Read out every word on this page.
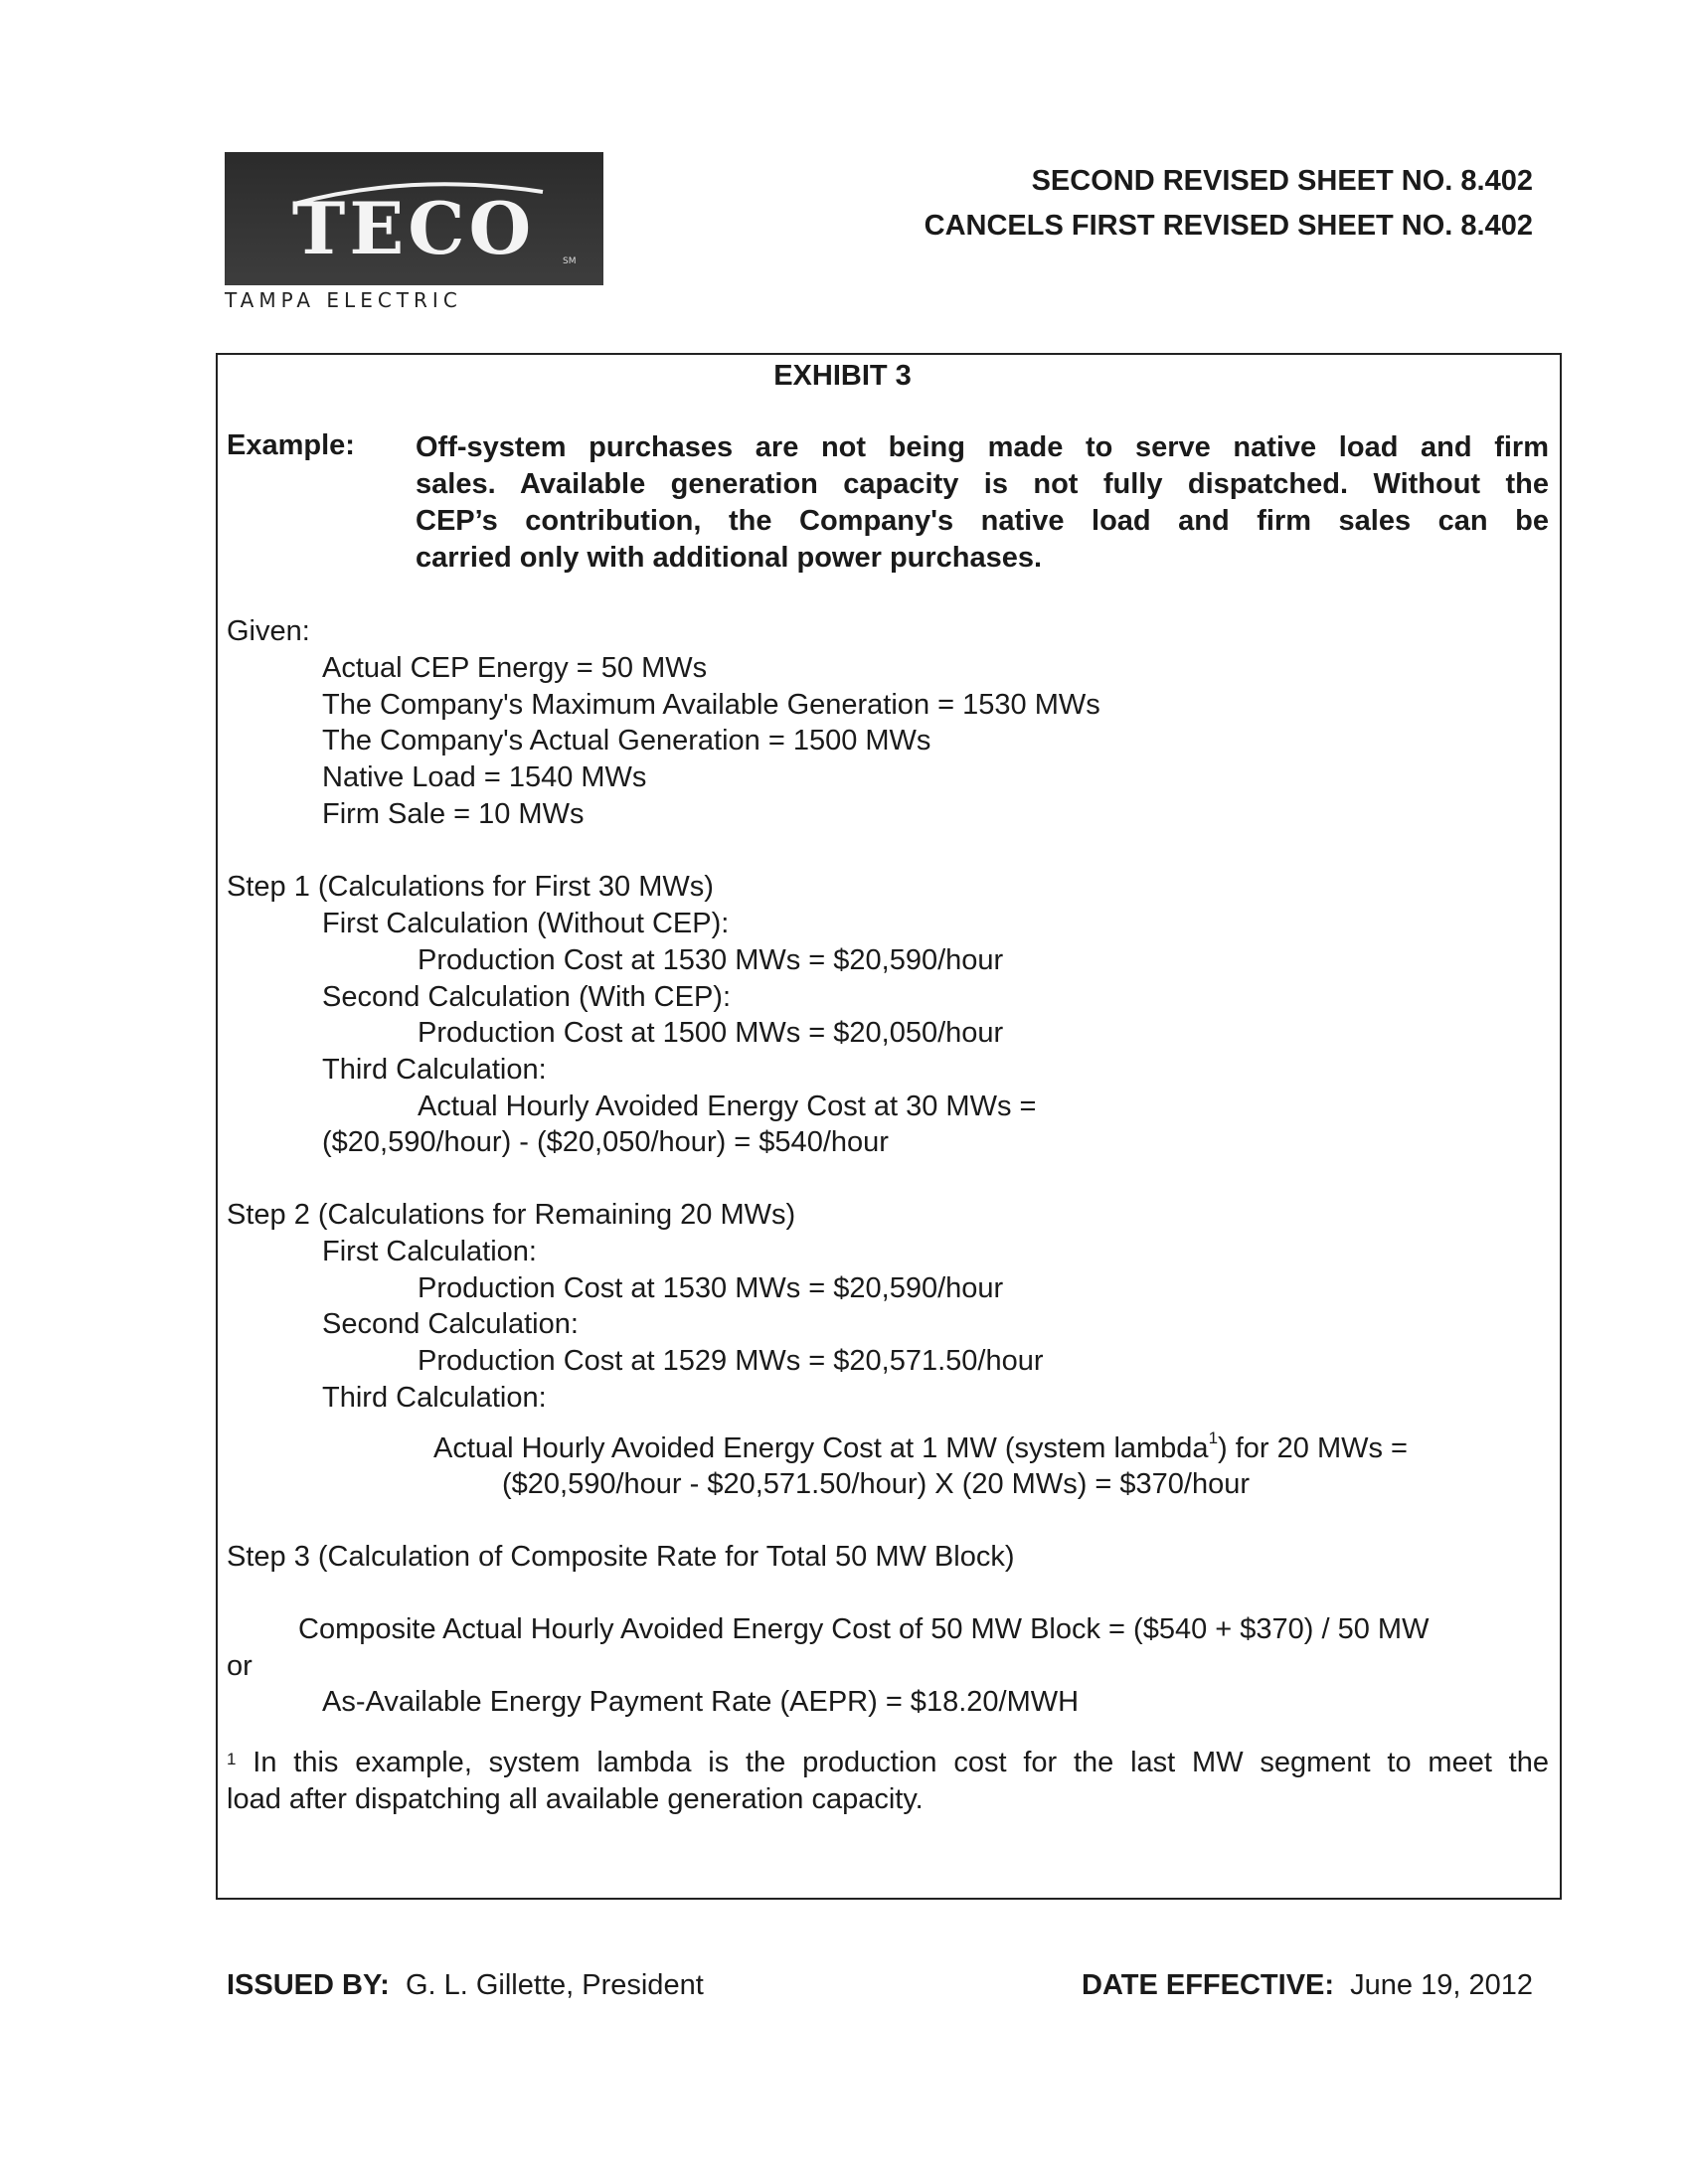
TECO	SM
TAMPA ELECTRIC
SECOND REVISED SHEET NO. 8.402
CANCELS FIRST REVISED SHEET NO. 8.402
EXHIBIT 3
Example: Off-system purchases are not being made to serve native load and firm
sales. Available generation capacity is not fully dispatched. Without the
CEP’s contribution, the Company's native load and firm sales can be
carried only with additional power purchases.
Given:
Actual CEP Energy = 50 MWs
The Company's Maximum Available Generation = 1530 MWs
The Company's Actual Generation = 1500 MWs
Native Load = 1540 MWs
Firm Sale = 10 MWs
Step 1 (Calculations for First 30 MWs)
First Calculation (Without CEP):
Production Cost at 1530 MWs = $20,590/hour
Second Calculation (With CEP):
Production Cost at 1500 MWs = $20,050/hour
Third Calculation:
Actual Hourly Avoided Energy Cost at 30 MWs =
($20,590/hour) - ($20,050/hour) = $540/hour
Step 2 (Calculations for Remaining 20 MWs)
First Calculation:
Production Cost at 1530 MWs = $20,590/hour
Second Calculation:
Production Cost at 1529 MWs = $20,571.50/hour
Third Calculation:
Actual Hourly Avoided Energy Cost at 1 MW (system lambda$^1$) for 20 MWs =
($20,590/hour - $20,571.50/hour) X (20 MWs) = $370/hour
Step 3 (Calculation of Composite Rate for Total 50 MW Block)
Composite Actual Hourly Avoided Energy Cost of 50 MW Block = ($540 + $370) / 50 MW
or
As-Available Energy Payment Rate (AEPR) = $18.20/MWH
$^1$ In this example, system lambda is the production cost for the last MW segment to meet the
load after dispatching all available generation capacity.
ISSUED BY: G. L. Gillette, President	DATE EFFECTIVE: June 19, 2012
